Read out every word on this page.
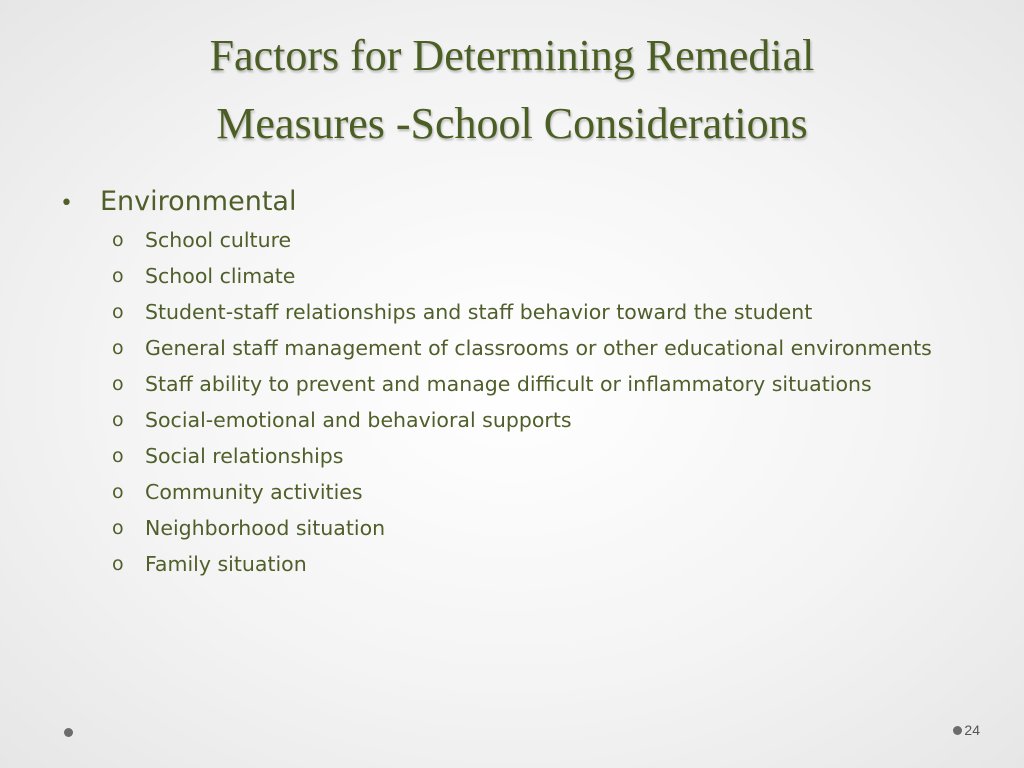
Factors for Determining Remedial
Measures -School Considerations
•	Environmental
o	School culture
o	School climate
o	Student-staff relationships and staff behavior toward the student
o	General staff management of classrooms or other educational environments
o	Staff ability to prevent and manage difficult or inflammatory situations
o	Social-emotional and behavioral supports
o	Social relationships
o	Community activities
o	Neighborhood situation
o	Family situation
24
